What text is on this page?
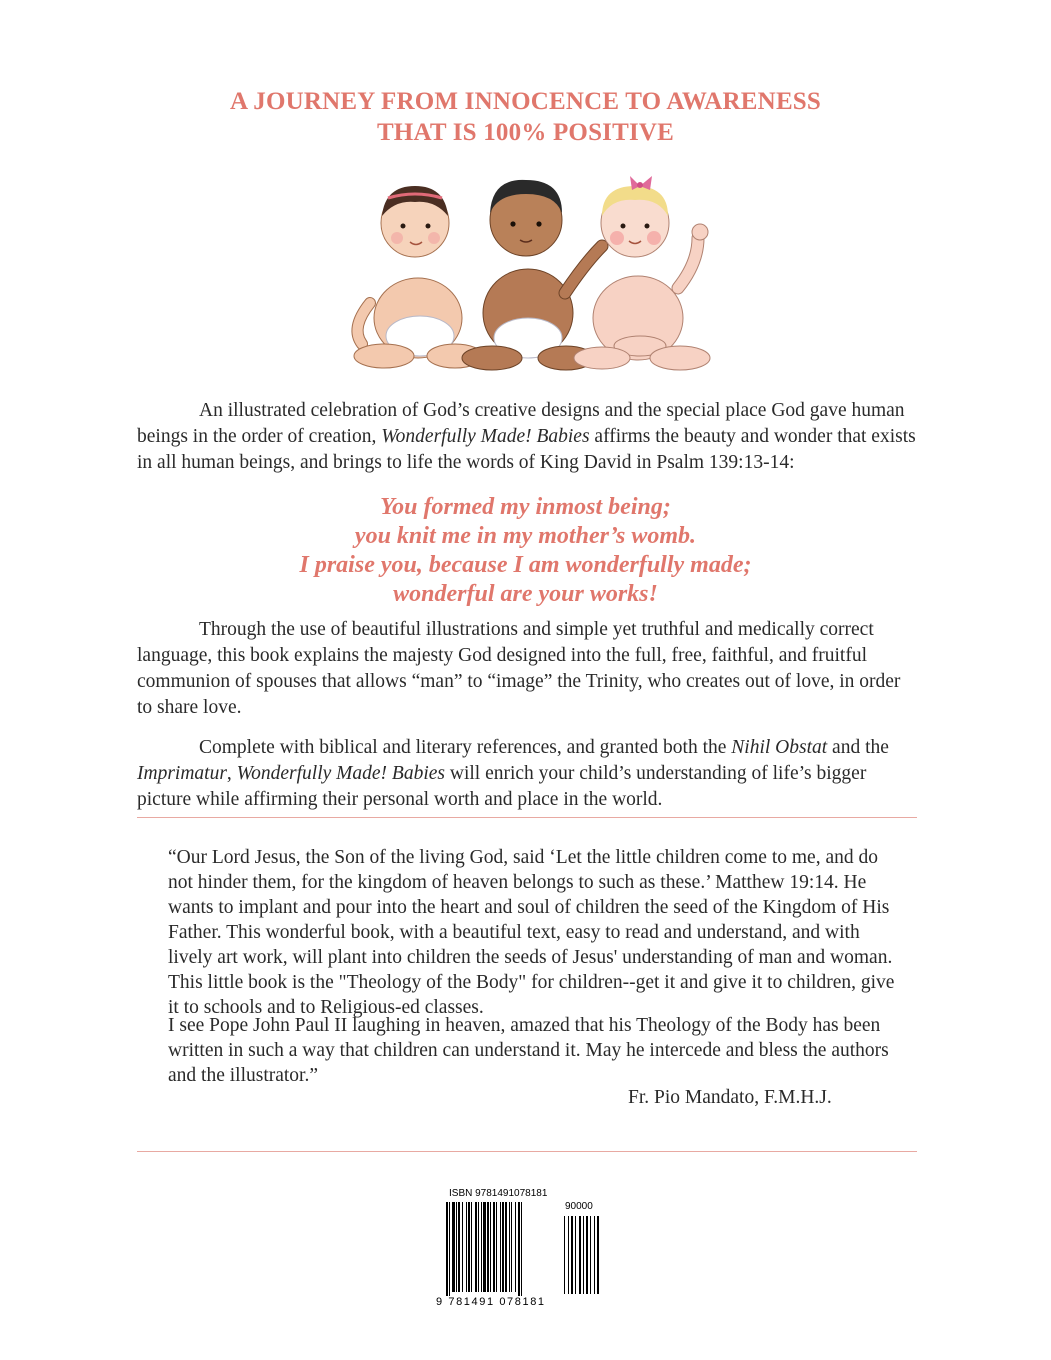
A JOURNEY FROM INNOCENCE TO AWARENESS
THAT IS 100% POSITIVE
An illustrated celebration of God’s creative designs and the special place God gave human beings in the order of creation, Wonderfully Made! Babies affirms the beauty and wonder that exists in all human beings, and brings to life the words of King David in Psalm 139:13-14:
You formed my inmost being;
you knit me in my mother’s womb.
I praise you, because I am wonderfully made;
wonderful are your works!
Through the use of beautiful illustrations and simple yet truthful and medically correct language, this book explains the majesty God designed into the full, free, faithful, and fruitful communion of spouses that allows “man” to “image” the Trinity, who creates out of love, in order to share love.
Complete with biblical and literary references, and granted both the Nihil Obstat and the Imprimatur, Wonderfully Made! Babies will enrich your child’s understanding of life’s bigger picture while affirming their personal worth and place in the world.
“Our Lord Jesus, the Son of the living God, said ‘Let the little children come to me, and do not hinder them, for the kingdom of heaven belongs to such as these.’ Matthew 19:14. He wants to implant and pour into the heart and soul of children the seed of the Kingdom of His Father. This wonderful book, with a beautiful text, easy to read and understand, and with lively art work, will plant into children the seeds of Jesus' understanding of man and woman. This little book is the "Theology of the Body" for children--get it and give it to children, give it to schools and to Religious-ed classes.
I see Pope John Paul II laughing in heaven, amazed that his Theology of the Body has been written in such a way that children can understand it. May he intercede and bless the authors and the illustrator.”
Fr. Pio Mandato, F.M.H.J.
ISBN 9781491078181
90000
9 781491 078181
